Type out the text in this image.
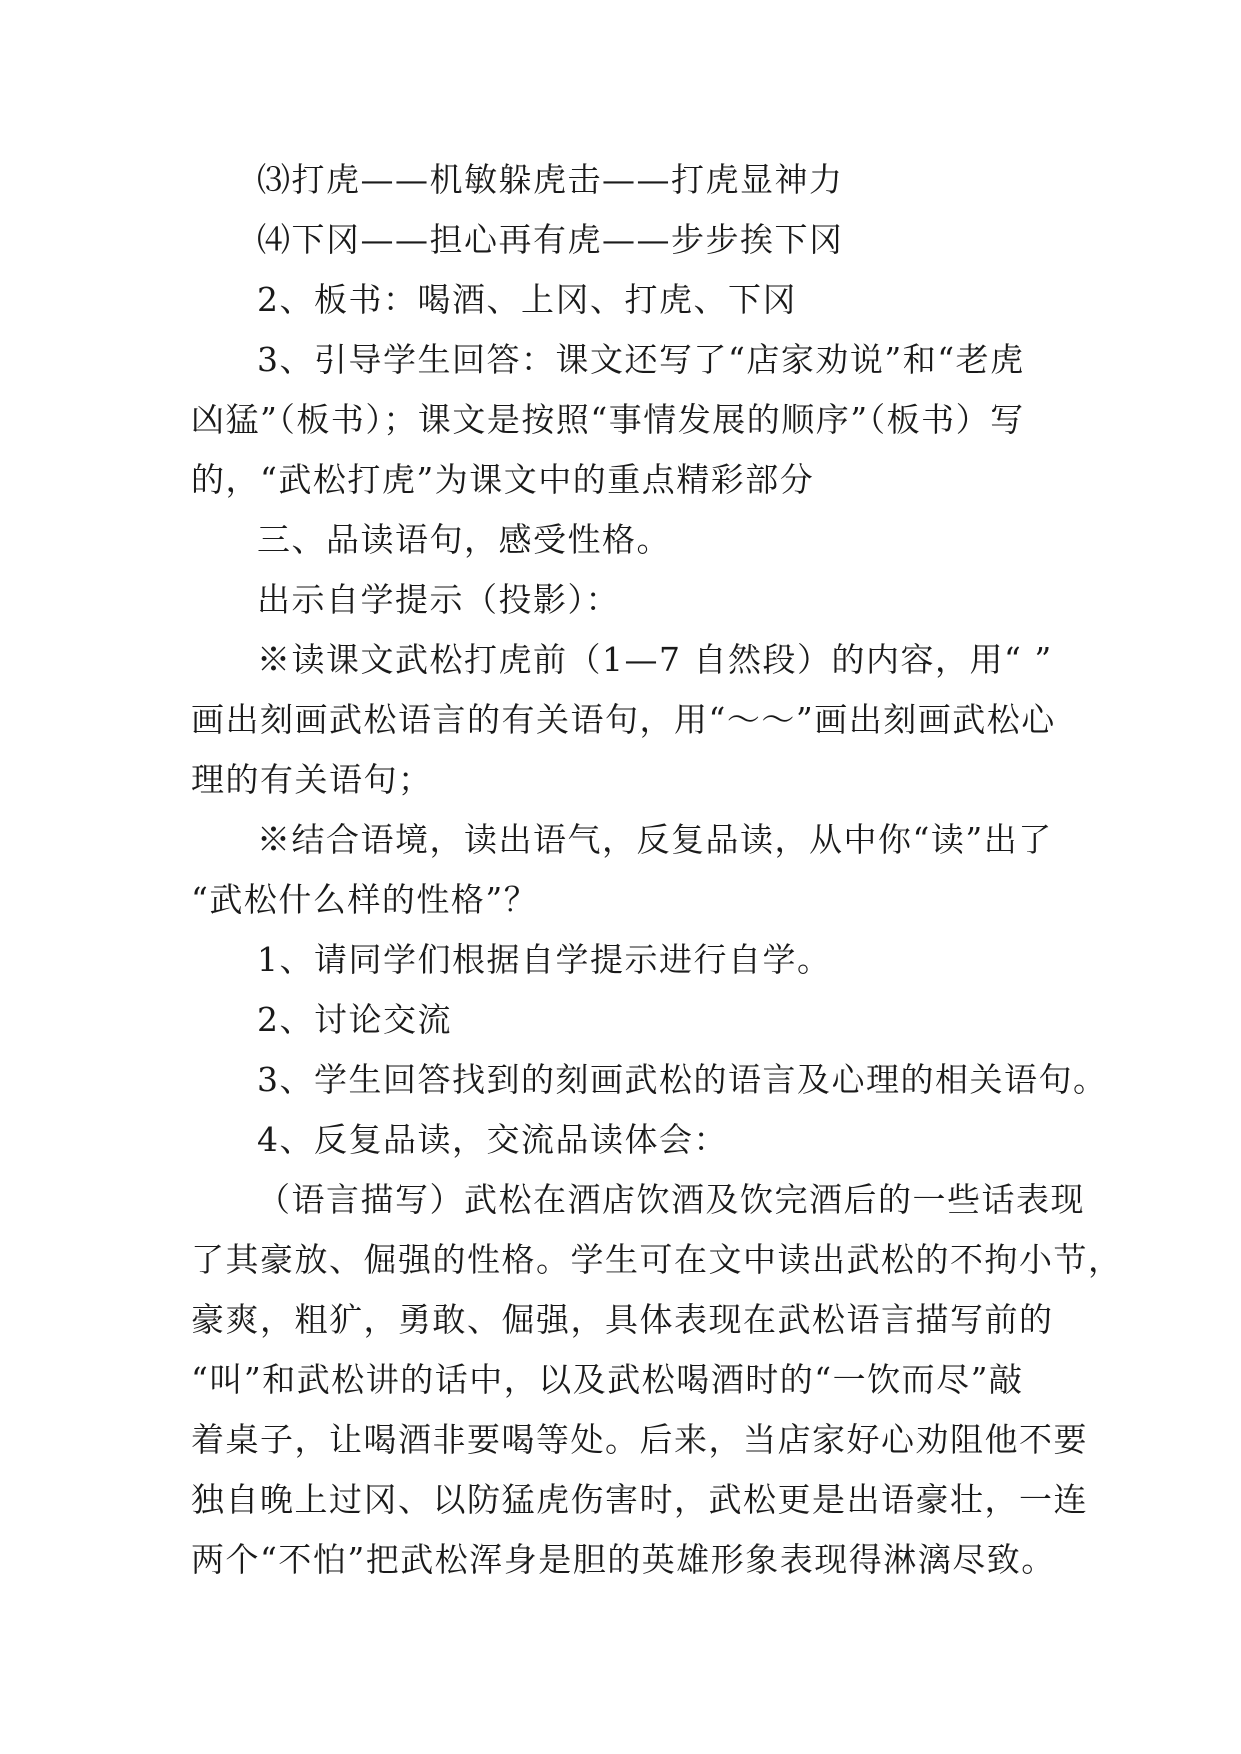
⑶打虎——机敏躲虎击——打虎显神力
⑷下冈——担心再有虎——步步挨下冈
2、板书：喝酒、上冈、打虎、下冈
3、引导学生回答：课文还写了“店家劝说”和“老虎
凶猛”（板书）；课文是按照“事情发展的顺序”（板书）写
的，“武松打虎”为课文中的重点精彩部分
三、品读语句，感受性格。
出示自学提示（投影）：
※读课文武松打虎前（1—7 自然段）的内容，用“ ”
画出刻画武松语言的有关语句，用“～～”画出刻画武松心
理的有关语句；
※结合语境，读出语气，反复品读，从中你“读”出了
“武松什么样的性格”？
1、请同学们根据自学提示进行自学。
2、讨论交流
3、学生回答找到的刻画武松的语言及心理的相关语句。
4、反复品读，交流品读体会：
（语言描写）武松在酒店饮酒及饮完酒后的一些话表现
了其豪放、倔强的性格。学生可在文中读出武松的不拘小节，
豪爽，粗犷，勇敢、倔强，具体表现在武松语言描写前的
“叫”和武松讲的话中，以及武松喝酒时的“一饮而尽”敲
着桌子，让喝酒非要喝等处。后来，当店家好心劝阻他不要
独自晚上过冈、以防猛虎伤害时，武松更是出语豪壮，一连
两个“不怕”把武松浑身是胆的英雄形象表现得淋漓尽致。
